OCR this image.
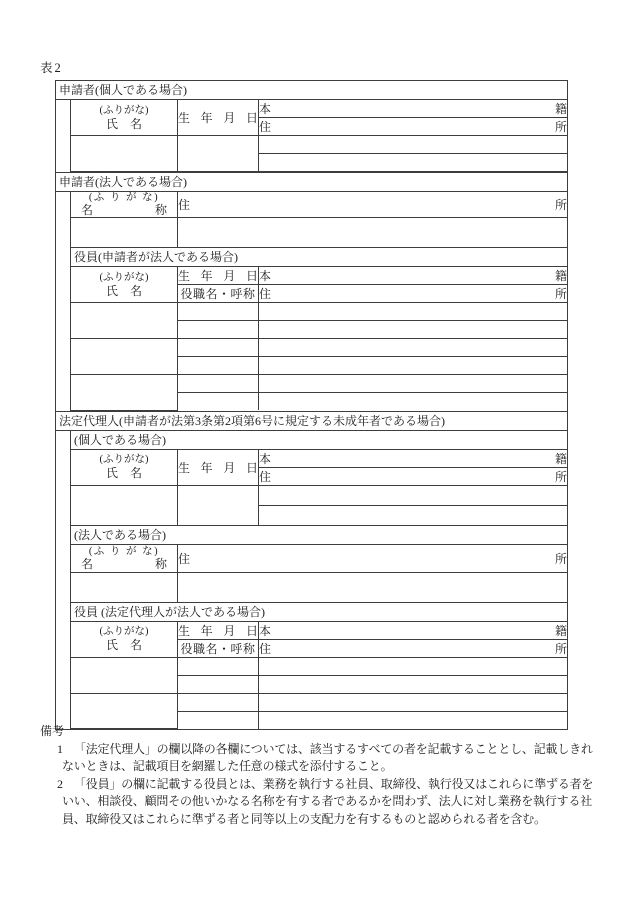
表2
申請者(個人である場合)
(ふりがな)
氏　名	生年月日	本籍
		住所

申請者(法人である場合)
(ふ り が な)
名称	住所

役員(申請者が法人である場合)
(ふりがな)
氏　名	生年月日	本籍
	役職名・呼称	住所

法定代理人(申請者が法第3条第2項第6号に規定する未成年者である場合)
(個人である場合)
(ふりがな)
氏　名	生年月日	本籍
		住所

(法人である場合)
(ふ り が な)
名称	住所

役員 (法定代理人が法人である場合)
(ふりがな)
氏　名	生年月日	本籍
	役職名・呼称	住所

備考
1 「法定代理人」の欄以降の各欄については、該当するすべての者を記載することとし、記載しきれないときは、記載項目を網羅した任意の様式を添付すること。
2 「役員」の欄に記載する役員とは、業務を執行する社員、取締役、執行役又はこれらに準ずる者をいい、相談役、顧問その他いかなる名称を有する者であるかを問わず、法人に対し業務を執行する社員、取締役又はこれらに準ずる者と同等以上の支配力を有するものと認められる者を含む。
